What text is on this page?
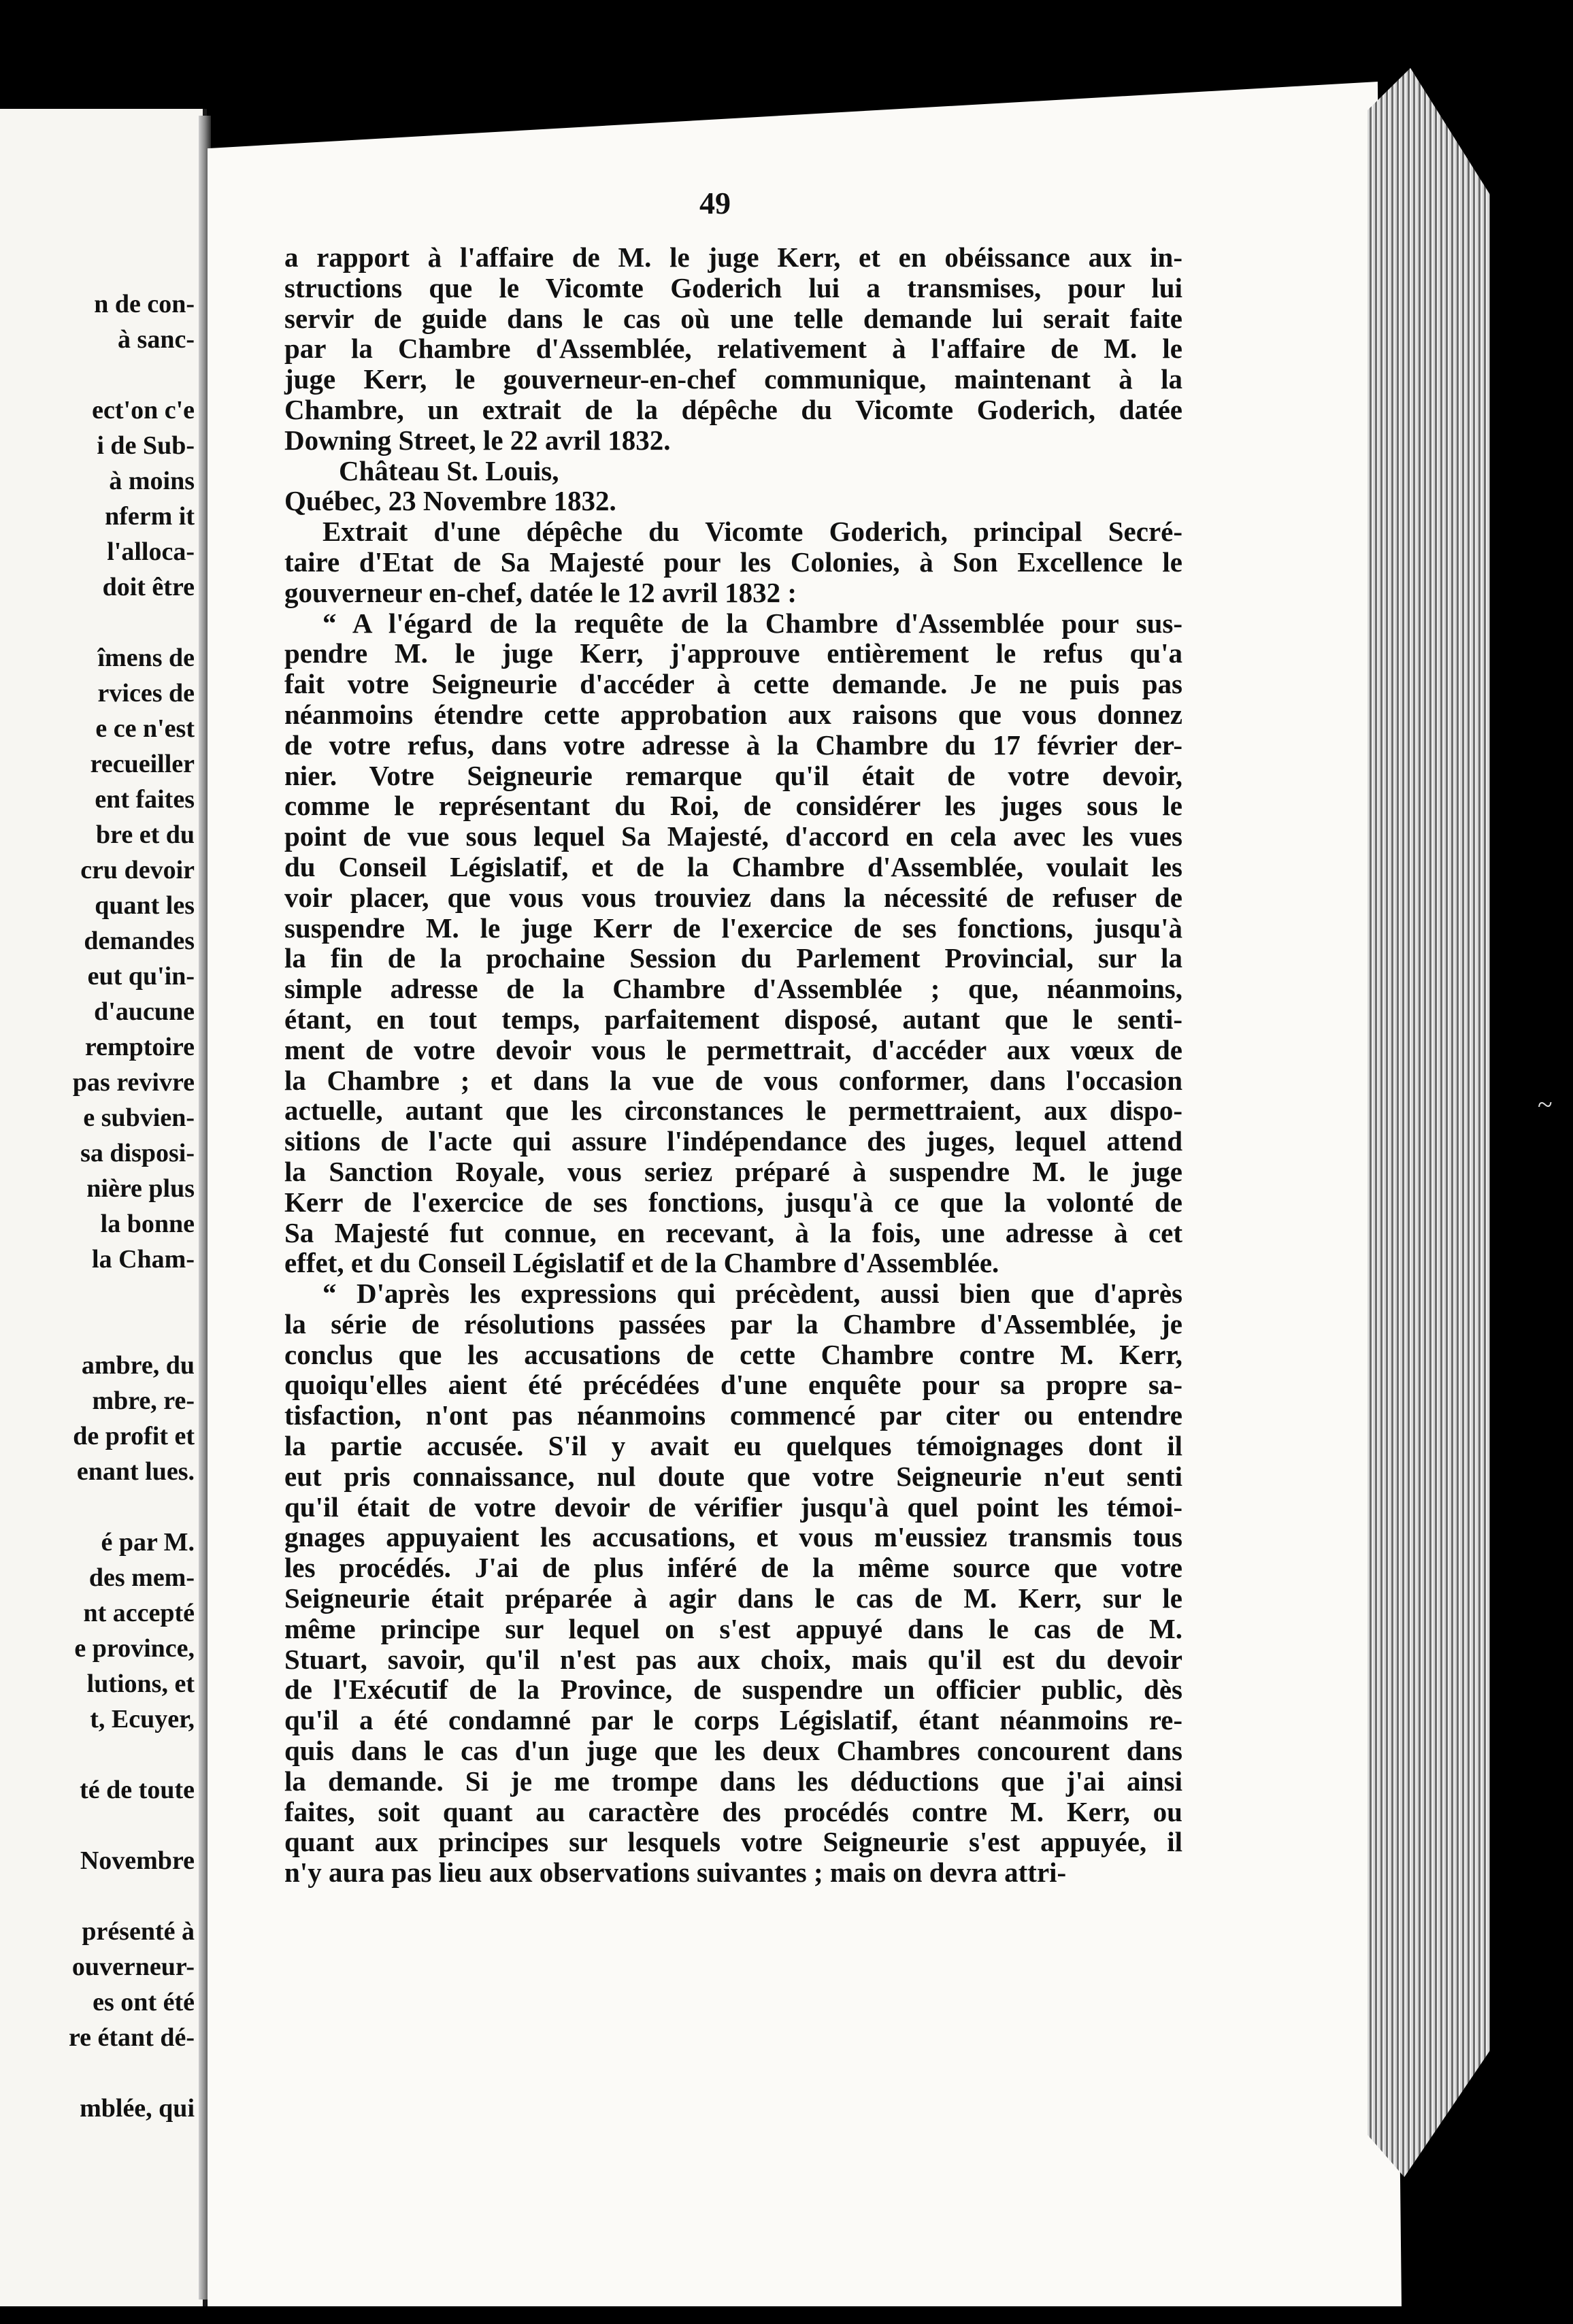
n de con-
à sanc-
ect'on c'e
i de Sub-
à moins
nferm it
l'alloca-
doit être
îmens de
rvices de
e ce n'est
recueiller
ent faites
bre et du
cru devoir
quant les
demandes
eut qu'in-
d'aucune
remptoire
pas revivre
e subvien-
sa disposi-
nière plus
la bonne
la Cham-
ambre, du
mbre, re-
de profit et
enant lues.
é par M.
des mem-
nt accepté
e province,
lutions, et
t, Ecuyer,
té de toute
Novembre
présenté à
ouverneur-
es ont été
re étant dé-
mblée, qui
49
a rapport à l'affaire de M. le juge Kerr, et en obéissance aux in-
structions que le Vicomte Goderich lui a transmises, pour lui
servir de guide dans le cas où une telle demande lui serait faite
par la Chambre d'Assemblée, relativement à l'affaire de M. le
juge Kerr, le gouverneur-en-chef communique, maintenant à la
Chambre, un extrait de la dépêche du Vicomte Goderich, datée
Downing Street, le 22 avril 1832.
Château St. Louis,
Québec, 23 Novembre 1832.
Extrait d'une dépêche du Vicomte Goderich, principal Secré-
taire d'Etat de Sa Majesté pour les Colonies, à Son Excellence le
gouverneur en-chef, datée le 12 avril 1832 :
“ A l'égard de la requête de la Chambre d'Assemblée pour sus-
pendre M. le juge Kerr, j'approuve entièrement le refus qu'a
fait votre Seigneurie d'accéder à cette demande. Je ne puis pas
néanmoins étendre cette approbation aux raisons que vous donnez
de votre refus, dans votre adresse à la Chambre du 17 février der-
nier. Votre Seigneurie remarque qu'il était de votre devoir,
comme le représentant du Roi, de considérer les juges sous le
point de vue sous lequel Sa Majesté, d'accord en cela avec les vues
du Conseil Législatif, et de la Chambre d'Assemblée, voulait les
voir placer, que vous vous trouviez dans la nécessité de refuser de
suspendre M. le juge Kerr de l'exercice de ses fonctions, jusqu'à
la fin de la prochaine Session du Parlement Provincial, sur la
simple adresse de la Chambre d'Assemblée ; que, néanmoins,
étant, en tout temps, parfaitement disposé, autant que le senti-
ment de votre devoir vous le permettrait, d'accéder aux vœux de
la Chambre ; et dans la vue de vous conformer, dans l'occasion
actuelle, autant que les circonstances le permettraient, aux dispo-
sitions de l'acte qui assure l'indépendance des juges, lequel attend
la Sanction Royale, vous seriez préparé à suspendre M. le juge
Kerr de l'exercice de ses fonctions, jusqu'à ce que la volonté de
Sa Majesté fut connue, en recevant, à la fois, une adresse à cet
effet, et du Conseil Législatif et de la Chambre d'Assemblée.
“ D'après les expressions qui précèdent, aussi bien que d'après
la série de résolutions passées par la Chambre d'Assemblée, je
conclus que les accusations de cette Chambre contre M. Kerr,
quoiqu'elles aient été précédées d'une enquête pour sa propre sa-
tisfaction, n'ont pas néanmoins commencé par citer ou entendre
la partie accusée. S'il y avait eu quelques témoignages dont il
eut pris connaissance, nul doute que votre Seigneurie n'eut senti
qu'il était de votre devoir de vérifier jusqu'à quel point les témoi-
gnages appuyaient les accusations, et vous m'eussiez transmis tous
les procédés. J'ai de plus inféré de la même source que votre
Seigneurie était préparée à agir dans le cas de M. Kerr, sur le
même principe sur lequel on s'est appuyé dans le cas de M.
Stuart, savoir, qu'il n'est pas aux choix, mais qu'il est du devoir
de l'Exécutif de la Province, de suspendre un officier public, dès
qu'il a été condamné par le corps Législatif, étant néanmoins re-
quis dans le cas d'un juge que les deux Chambres concourent dans
la demande. Si je me trompe dans les déductions que j'ai ainsi
faites, soit quant au caractère des procédés contre M. Kerr, ou
quant aux principes sur lesquels votre Seigneurie s'est appuyée, il
n'y aura pas lieu aux observations suivantes ; mais on devra attri-
~
